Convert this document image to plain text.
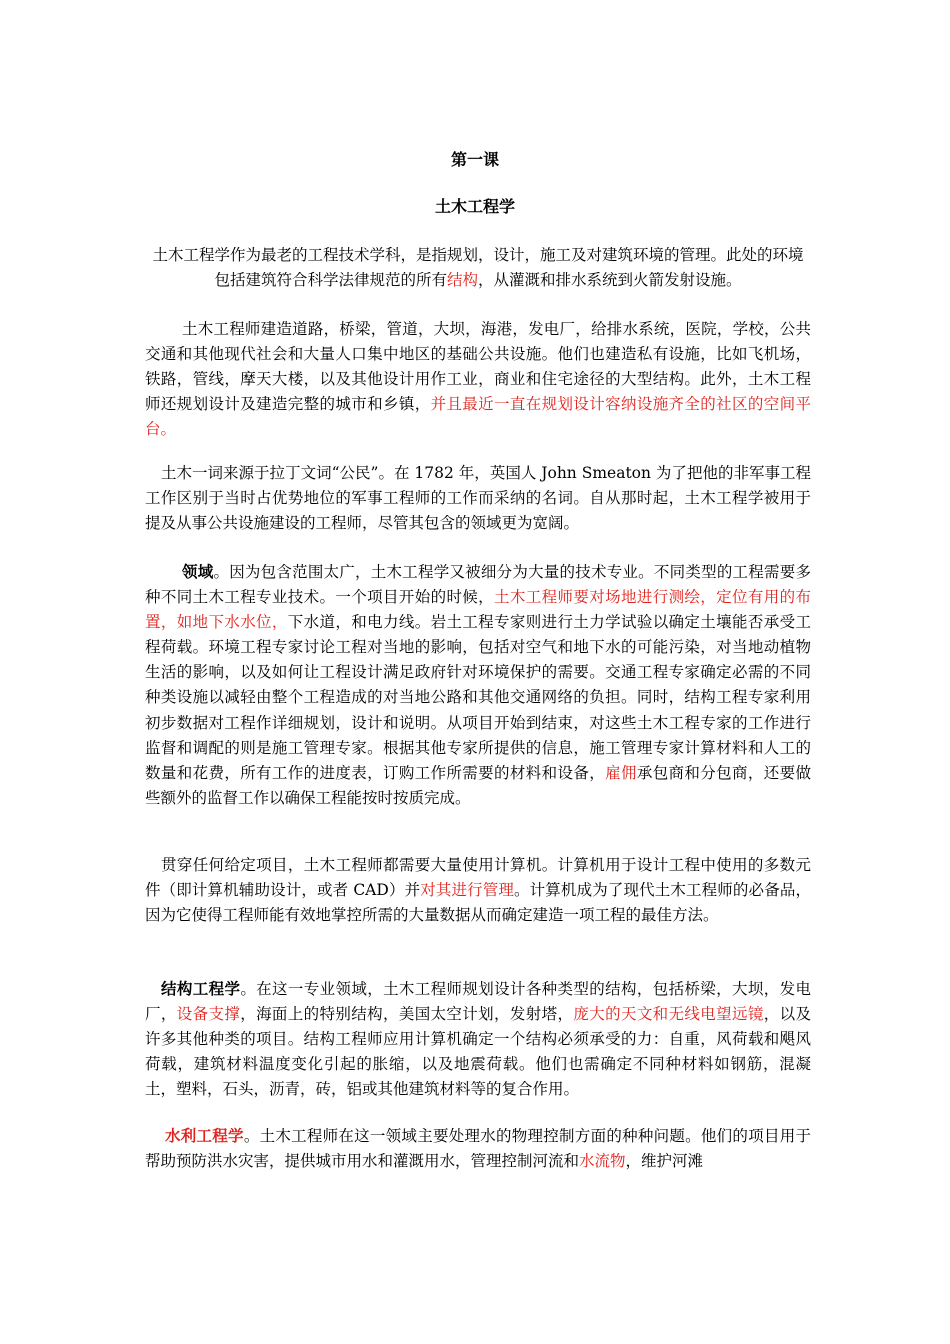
第一课
土木工程学
土木工程学作为最老的工程技术学科，是指规划，设计，施工及对建筑环境的管理。此处的环境包括建筑符合科学法律规范的所有结构，从灌溉和排水系统到火箭发射设施。
土木工程师建造道路，桥梁，管道，大坝，海港，发电厂，给排水系统，医院，学校，公共交通和其他现代社会和大量人口集中地区的基础公共设施。他们也建造私有设施，比如飞机场，铁路，管线，摩天大楼，以及其他设计用作工业，商业和住宅途径的大型结构。此外，土木工程师还规划设计及建造完整的城市和乡镇，并且最近一直在规划设计容纳设施齐全的社区的空间平台。
土木一词来源于拉丁文词“公民”。在 1782 年，英国人 John Smeaton 为了把他的非军事工程工作区别于当时占优势地位的军事工程师的工作而采纳的名词。自从那时起，土木工程学被用于提及从事公共设施建设的工程师，尽管其包含的领域更为宽阔。
领域。因为包含范围太广，土木工程学又被细分为大量的技术专业。不同类型的工程需要多种不同土木工程专业技术。一个项目开始的时候，土木工程师要对场地进行测绘，定位有用的布置，如地下水水位，下水道，和电力线。岩土工程专家则进行土力学试验以确定土壤能否承受工程荷载。环境工程专家讨论工程对当地的影响，包括对空气和地下水的可能污染，对当地动植物生活的影响，以及如何让工程设计满足政府针对环境保护的需要。交通工程专家确定必需的不同种类设施以减轻由整个工程造成的对当地公路和其他交通网络的负担。同时，结构工程专家利用初步数据对工程作详细规划，设计和说明。从项目开始到结束，对这些土木工程专家的工作进行监督和调配的则是施工管理专家。根据其他专家所提供的信息，施工管理专家计算材料和人工的数量和花费，所有工作的进度表，订购工作所需要的材料和设备，雇佣承包商和分包商，还要做些额外的监督工作以确保工程能按时按质完成。
贯穿任何给定项目，土木工程师都需要大量使用计算机。计算机用于设计工程中使用的多数元件（即计算机辅助设计，或者 CAD）并对其进行管理。计算机成为了现代土木工程师的必备品，因为它使得工程师能有效地掌控所需的大量数据从而确定建造一项工程的最佳方法。
结构工程学。在这一专业领域，土木工程师规划设计各种类型的结构，包括桥梁，大坝，发电厂，设备支撑，海面上的特别结构，美国太空计划，发射塔，庞大的天文和无线电望远镜，以及许多其他种类的项目。结构工程师应用计算机确定一个结构必须承受的力：自重，风荷载和飓风荷载，建筑材料温度变化引起的胀缩，以及地震荷载。他们也需确定不同种材料如钢筋，混凝土，塑料，石头，沥青，砖，铝或其他建筑材料等的复合作用。
水利工程学。土木工程师在这一领域主要处理水的物理控制方面的种种问题。他们的项目用于帮助预防洪水灾害，提供城市用水和灌溉用水，管理控制河流和水流物，维护河滩
